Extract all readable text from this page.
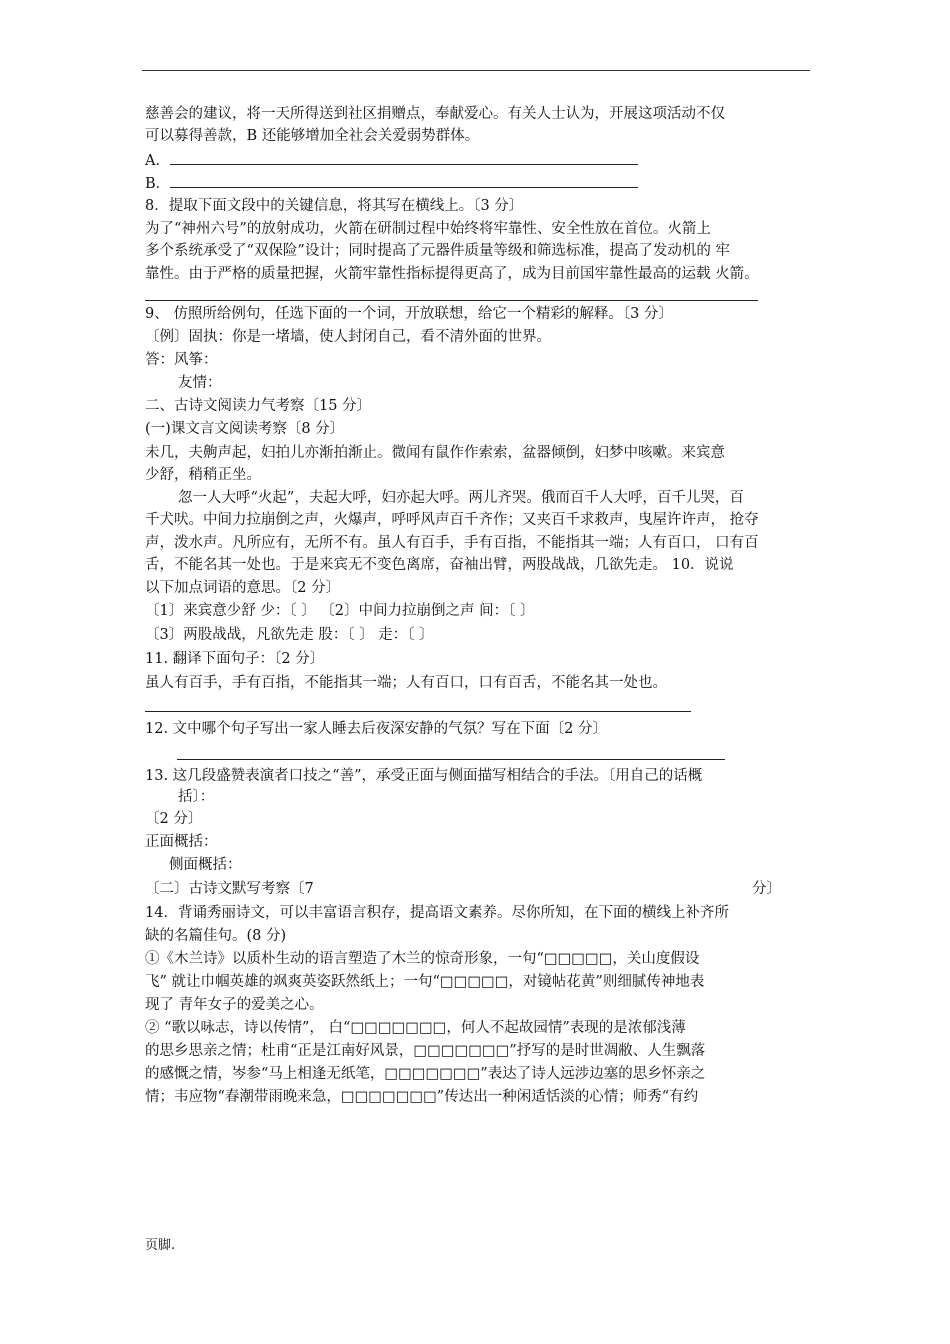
慈善会的建议，将一天所得送到社区捐赠点，奉献爱心。有关人士认为，开展这项活动不仅
可以募得善款，B 还能够增加全社会关爱弱势群体。
A．
B．
8．提取下面文段中的关键信息，将其写在横线上。〔3 分〕
为了“神州六号”的放射成功，火箭在研制过程中始终将牢靠性、安全性放在首位。火箭上
多个系统承受了“双保险”设计；同时提高了元器件质量等级和筛选标准，提高了发动机的 牢
靠性。由于严格的质量把握，火箭牢靠性指标提得更高了，成为目前国牢靠性最高的运载 火箭。
9、 仿照所给例句，任选下面的一个词，开放联想，给它一个精彩的解释。〔3 分〕
〔例〕固执：你是一堵墙，使人封闭自己，看不清外面的世界。
答：风筝：
友情：
二、古诗文阅读力气考察〔15 分〕
(一)课文言文阅读考察〔8 分〕
未几，夫齁声起，妇拍儿亦渐拍渐止。微闻有鼠作作索索，盆器倾倒，妇梦中咳嗽。来宾意
少舒，稍稍正坐。
忽一人大呼“火起”，夫起大呼，妇亦起大呼。两儿齐哭。俄而百千人大呼，百千儿哭，百
千犬吠。中间力拉崩倒之声，火爆声，呼呼风声百千齐作；又夹百千求救声，曳屋许许声， 抢夺
声，泼水声。凡所应有，无所不有。虽人有百手，手有百指，不能指其一端；人有百口， 口有百
舌，不能名其一处也。于是来宾无不变色离席，奋袖出臂，两股战战，几欲先走。 10．说说
以下加点词语的意思。〔2 分〕
〔1〕来宾意少舒 少：〔 〕 〔2〕中间力拉崩倒之声 间：〔 〕
〔3〕两股战战，凡欲先走 股：〔 〕 走：〔 〕
11. 翻译下面句子：〔2 分〕
虽人有百手，手有百指，不能指其一端；人有百口，口有百舌，不能名其一处也。
12. 文中哪个句子写出一家人睡去后夜深安静的气氛？写在下面〔2 分〕
13. 这几段盛赞表演者口技之“善”，承受正面与侧面描写相结合的手法。〔用自己的话概
括〕：
〔2 分〕
正面概括：
侧面概括：
〔二〕古诗文默写考察〔7	分〕
14．背诵秀丽诗文，可以丰富语言积存，提高语文素养。尽你所知，在下面的横线上补齐所
缺的名篇佳句。(8 分)
①《木兰诗》以质朴生动的语言塑造了木兰的惊奇形象，一句“□□□□□，关山度假设
飞” 就让巾帼英雄的飒爽英姿跃然纸上；一句“□□□□□，对镜帖花黄”则细腻传神地表
现了 青年女子的爱美之心。
② “歌以咏志，诗以传情”， 白“□□□□□□□，何人不起故园情”表现的是浓郁浅薄
的思乡思亲之情；杜甫“正是江南好风景，□□□□□□□”抒写的是时世凋敝、人生飘落
的感慨之情，岑参“马上相逢无纸笔，□□□□□□□”表达了诗人远涉边塞的思乡怀亲之
情；韦应物“春潮带雨晚来急，□□□□□□□”传达出一种闲适恬淡的心情；师秀“有约
页脚.
